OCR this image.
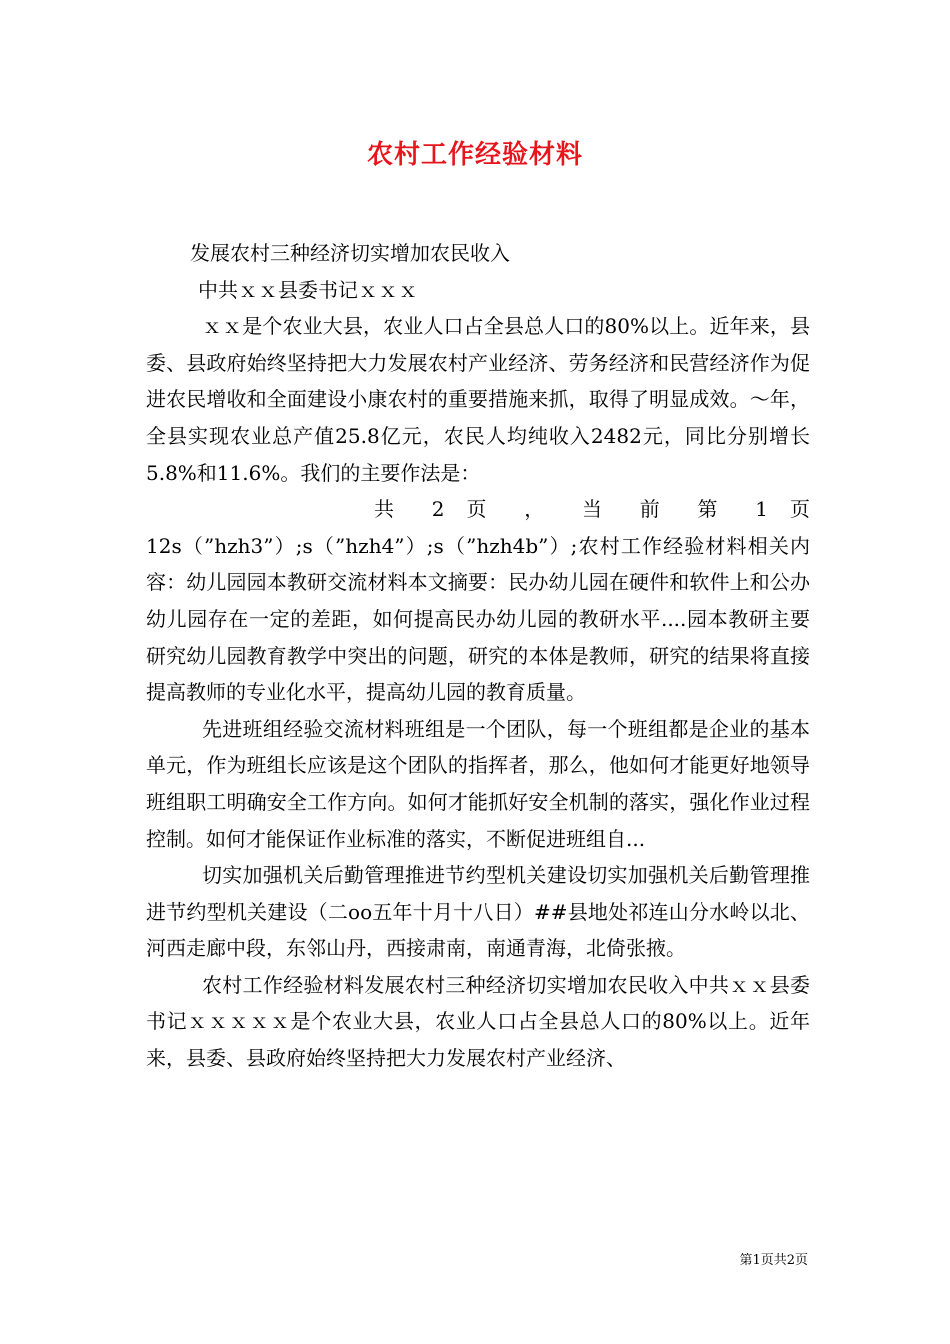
农村工作经验材料

发展农村三种经济切实增加农民收入

中共ｘｘ县委书记ｘｘｘ

ｘｘ是个农业大县，农业人口占全县总人口的80%以上。近年来，县委、县政府始终坚持把大力发展农村产业经济、劳务经济和民营经济作为促进农民增收和全面建设小康农村的重要措施来抓，取得了明显成效。～年，全县实现农业总产值25.8亿元，农民人均纯收入2482元，同比分别增长5.8%和11.6%。我们的主要作法是：

共 2 页 ， 当 前 第 1 页

12s（”hzh3”）;s（”hzh4”）;s（”hzh4b”）;农村工作经验材料相关内容：幼儿园园本教研交流材料本文摘要：民办幼儿园在硬件和软件上和公办幼儿园存在一定的差距，如何提高民办幼儿园的教研水平....园本教研主要研究幼儿园教育教学中突出的问题，研究的本体是教师，研究的结果将直接提高教师的专业化水平，提高幼儿园的教育质量。

先进班组经验交流材料班组是一个团队，每一个班组都是企业的基本单元，作为班组长应该是这个团队的指挥者，那么，他如何才能更好地领导班组职工明确安全工作方向。如何才能抓好安全机制的落实，强化作业过程控制。如何才能保证作业标准的落实，不断促进班组自...

切实加强机关后勤管理推进节约型机关建设切实加强机关后勤管理推进节约型机关建设（二oo五年十月十八日）##县地处祁连山分水岭以北、河西走廊中段，东邻山丹，西接肃南，南通青海，北倚张掖。

农村工作经验材料发展农村三种经济切实增加农民收入中共ｘｘ县委书记ｘｘｘｘｘ是个农业大县，农业人口占全县总人口的80%以上。近年来，县委、县政府始终坚持把大力发展农村产业经济、

第1页共2页
